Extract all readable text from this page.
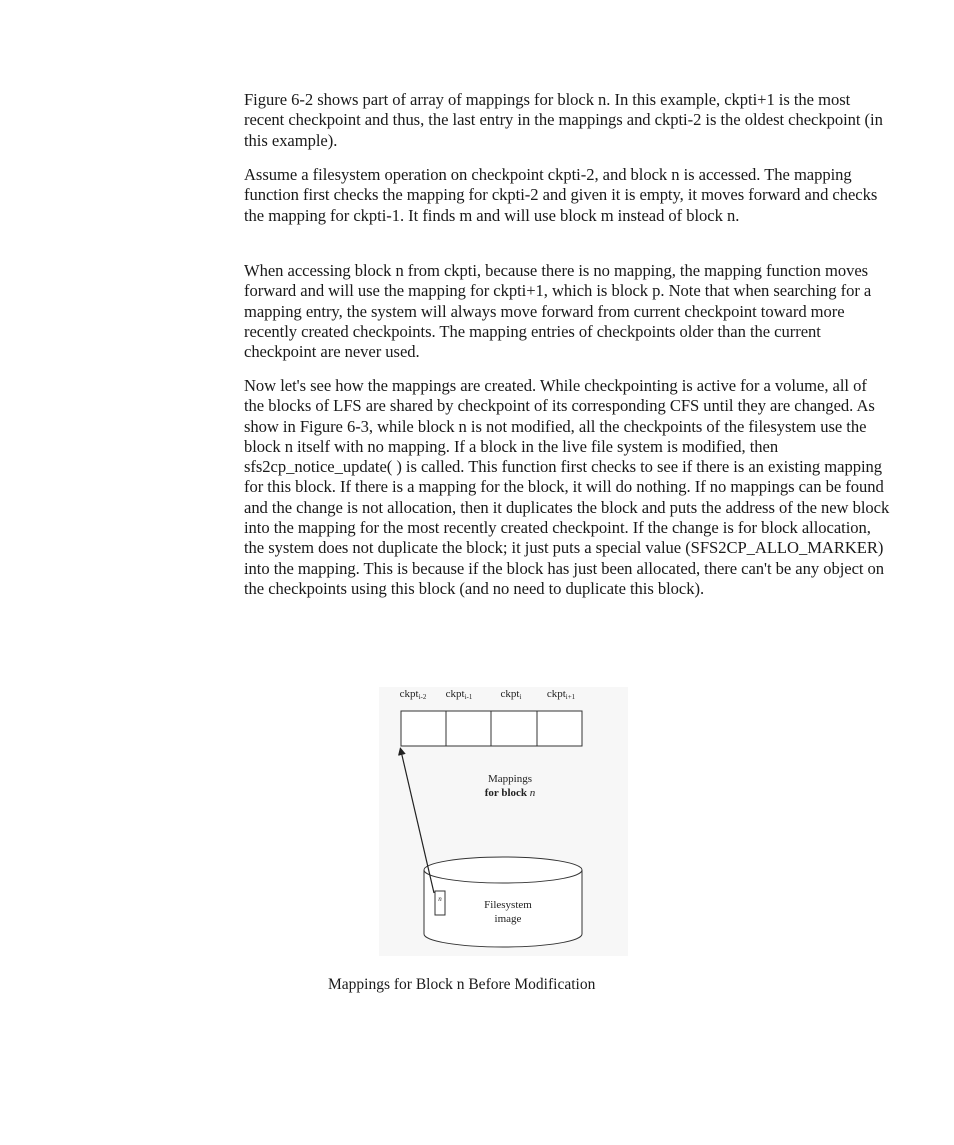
Figure 6-2 shows part of array of mappings for block n. In this example, ckpti+1 is the most recent checkpoint and thus, the last entry in the mappings and ckpti-2 is the oldest checkpoint (in this example).

Assume a filesystem operation on checkpoint ckpti-2, and block n is accessed. The mapping function first checks the mapping for ckpti-2 and given it is empty, it moves forward and checks the mapping for ckpti-1. It finds m and will use block m instead of block n.

When accessing block n from ckpti, because there is no mapping, the mapping function moves forward and will use the mapping for ckpti+1, which is block p. Note that when searching for a mapping entry, the system will always move forward from current checkpoint toward more recently created checkpoints. The mapping entries of checkpoints older than the current checkpoint are never used.

Now let's see how the mappings are created. While checkpointing is active for a volume, all of the blocks of LFS are shared by checkpoint of its corresponding CFS until they are changed. As show in Figure 6-3, while block n is not modified, all the checkpoints of the filesystem use the block n itself with no mapping. If a block in the live file system is modified, then sfs2cp_notice_update( ) is called. This function first checks to see if there is an existing mapping for this block. If there is a mapping for the block, it will do nothing. If no mappings can be found and the change is not allocation, then it duplicates the block and puts the address of the new block into the mapping for the most recently created checkpoint. If the change is for block allocation, the system does not duplicate the block; it just puts a special value (SFS2CP_ALLO_MARKER) into the mapping. This is because if the block has just been allocated, there can't be any object on the checkpoints using this block (and no need to duplicate this block).

ckpti-2 ckpti-1	ckpti ckpti+1
Mappings
for block n
n	Filesystem
image
Mappings for Block n Before Modification
